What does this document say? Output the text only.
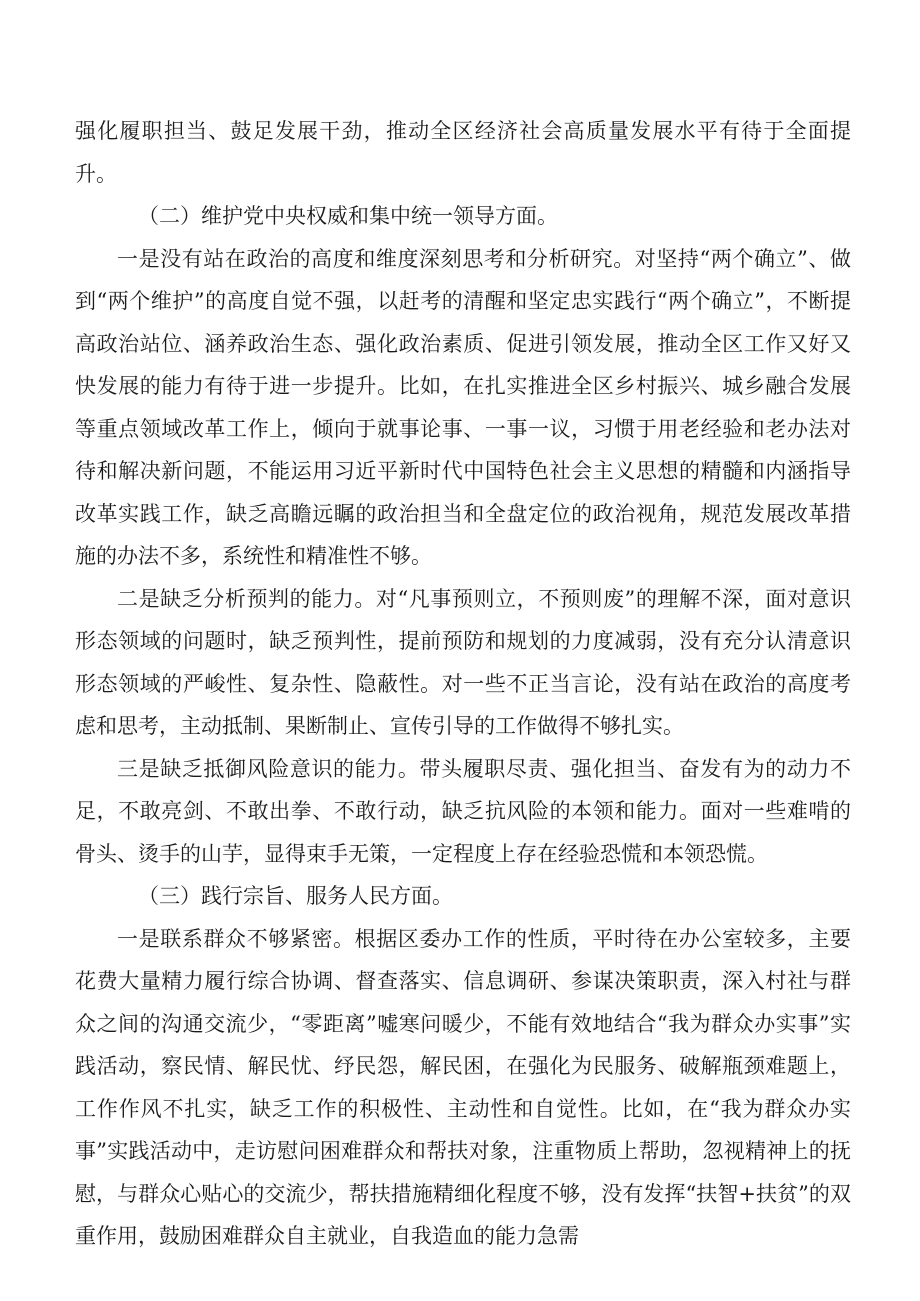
强化履职担当、鼓足发展干劲，推动全区经济社会高质量发展水平有待于全面提升。

（二）维护党中央权威和集中统一领导方面。

一是没有站在政治的高度和维度深刻思考和分析研究。对坚持“两个确立”、做到“两个维护”的高度自觉不强，以赶考的清醒和坚定忠实践行“两个确立”，不断提高政治站位、涵养政治生态、强化政治素质、促进引领发展，推动全区工作又好又快发展的能力有待于进一步提升。比如，在扎实推进全区乡村振兴、城乡融合发展等重点领域改革工作上，倾向于就事论事、一事一议，习惯于用老经验和老办法对待和解决新问题，不能运用习近平新时代中国特色社会主义思想的精髓和内涵指导改革实践工作，缺乏高瞻远瞩的政治担当和全盘定位的政治视角，规范发展改革措施的办法不多，系统性和精准性不够。

二是缺乏分析预判的能力。对“凡事预则立，不预则废”的理解不深，面对意识形态领域的问题时，缺乏预判性，提前预防和规划的力度减弱，没有充分认清意识形态领域的严峻性、复杂性、隐蔽性。对一些不正当言论，没有站在政治的高度考虑和思考，主动抵制、果断制止、宣传引导的工作做得不够扎实。

三是缺乏抵御风险意识的能力。带头履职尽责、强化担当、奋发有为的动力不足，不敢亮剑、不敢出拳、不敢行动，缺乏抗风险的本领和能力。面对一些难啃的骨头、烫手的山芋，显得束手无策，一定程度上存在经验恐慌和本领恐慌。

（三）践行宗旨、服务人民方面。

一是联系群众不够紧密。根据区委办工作的性质，平时待在办公室较多，主要花费大量精力履行综合协调、督查落实、信息调研、参谋决策职责，深入村社与群众之间的沟通交流少，“零距离”嘘寒问暖少，不能有效地结合“我为群众办实事”实践活动，察民情、解民忧、纾民怨，解民困，在强化为民服务、破解瓶颈难题上，工作作风不扎实，缺乏工作的积极性、主动性和自觉性。比如，在“我为群众办实事”实践活动中，走访慰问困难群众和帮扶对象，注重物质上帮助，忽视精神上的抚慰，与群众心贴心的交流少，帮扶措施精细化程度不够，没有发挥“扶智+扶贫”的双重作用，鼓励困难群众自主就业，自我造血的能力急需
